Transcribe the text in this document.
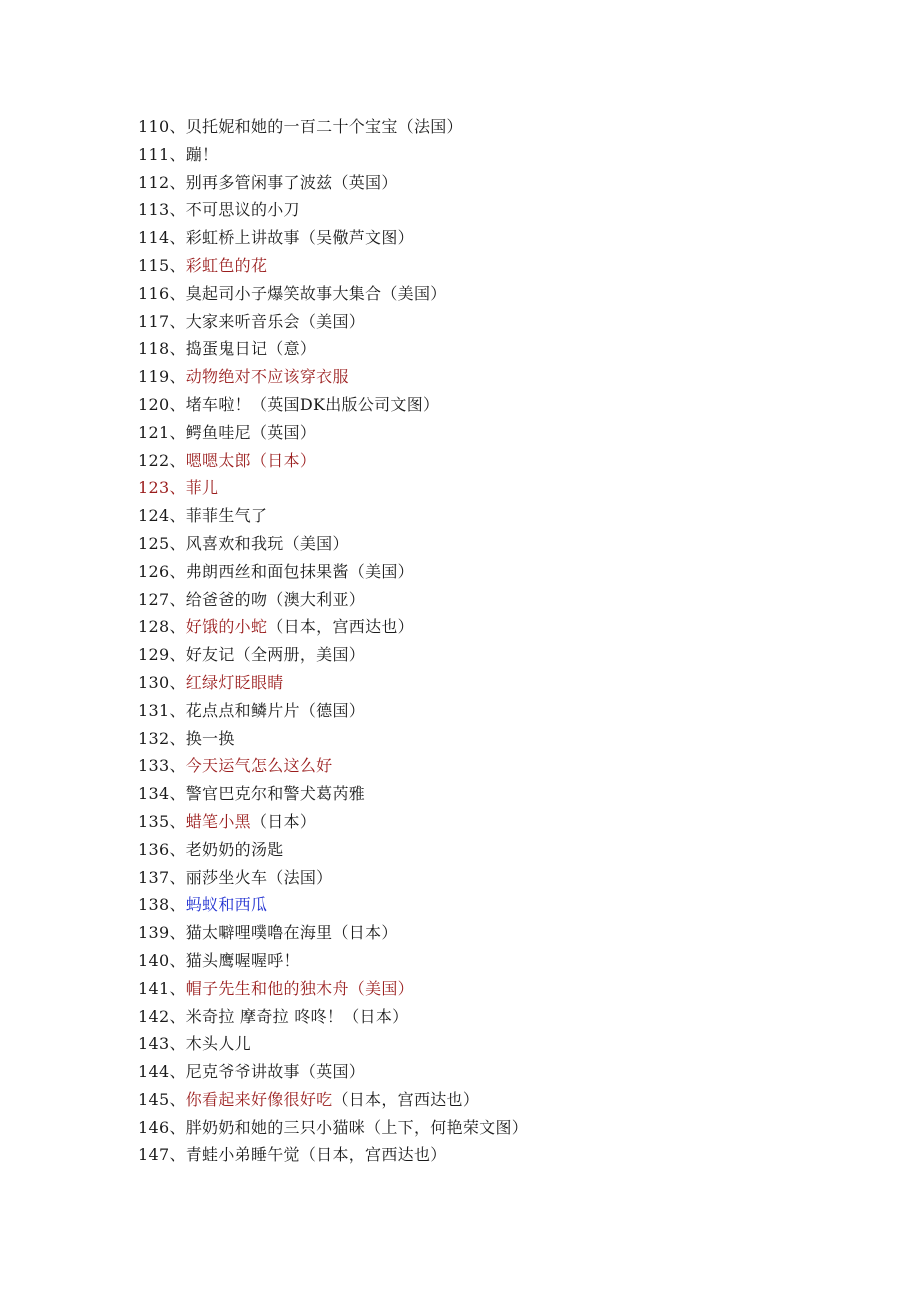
110、贝托妮和她的一百二十个宝宝（法国）
111、蹦！
112、别再多管闲事了波兹（英国）
113、不可思议的小刀
114、彩虹桥上讲故事（吴儆芦文图）
115、彩虹色的花
116、臭起司小子爆笑故事大集合（美国）
117、大家来听音乐会（美国）
118、捣蛋鬼日记（意）
119、动物绝对不应该穿衣服
120、堵车啦！（英国DK出版公司文图）
121、鳄鱼哇尼（英国）
122、嗯嗯太郎（日本）
123、菲儿
124、菲菲生气了
125、风喜欢和我玩（美国）
126、弗朗西丝和面包抹果酱（美国）
127、给爸爸的吻（澳大利亚）
128、好饿的小蛇（日本，宫西达也）
129、好友记（全两册，美国）
130、红绿灯眨眼睛
131、花点点和鳞片片（德国）
132、换一换
133、今天运气怎么这么好
134、警官巴克尔和警犬葛芮雅
135、蜡笔小黑（日本）
136、老奶奶的汤匙
137、丽莎坐火车（法国）
138、蚂蚁和西瓜
139、猫太噼哩噗噜在海里（日本）
140、猫头鹰喔喔呼！
141、帽子先生和他的独木舟（美国）
142、米奇拉 摩奇拉 咚咚！（日本）
143、木头人儿
144、尼克爷爷讲故事（英国）
145、你看起来好像很好吃（日本，宫西达也）
146、胖奶奶和她的三只小猫咪（上下，何艳荣文图）
147、青蛙小弟睡午觉（日本，宫西达也）
